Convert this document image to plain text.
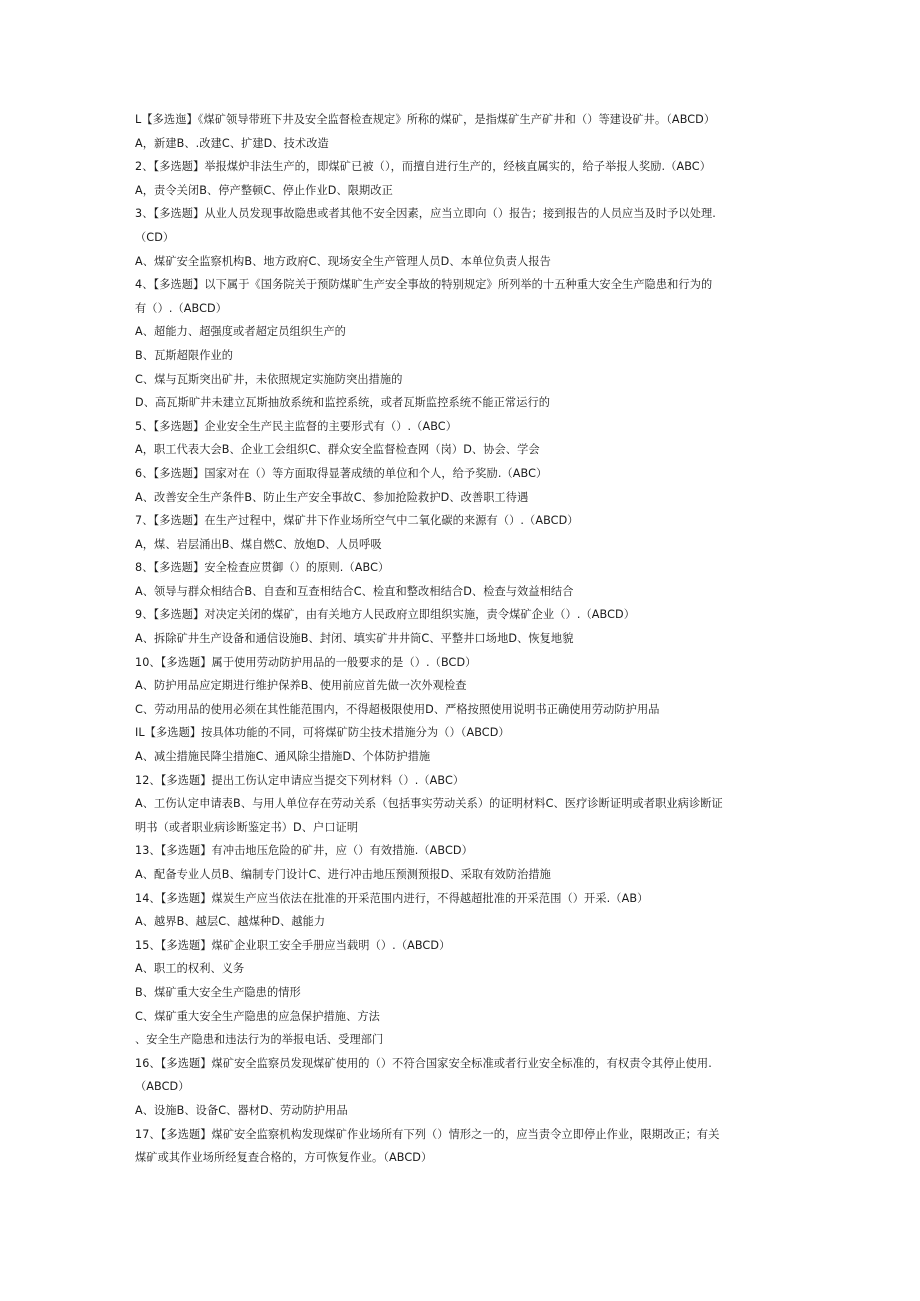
L【多选迤】《煤矿领导带班下井及安全监督检查规定》所称的煤矿，是指煤矿生产矿井和（）等建设矿井。（ABCD）
A，新建B、.改建C、扩建D、技术改造
2、【多选题】举报煤炉非法生产的，即煤矿已被（），而擅自进行生产的，经核直属实的，给子举报人奖励.（ABC）
A，责令关闭B、停产整顿C、停止作业D、限期改正
3、【多选题】从业人员发现事故隐患或者其他不安全因素，应当立即向（）报告；接到报告的人员应当及时予以处理.
（CD）
A、煤矿安全监察机构B、地方政府C、现场安全生产管理人员D、本单位负责人报告
4、【多选题】以下属于《国务院关于预防煤旷生产安全事故的特别规定》所列举的十五种重大安全生产隐患和行为的
有（）.（ABCD）
A、超能力、超强度或者超定员组织生产的
B、瓦斯超限作业的
C、煤与瓦斯突出矿井，未依照规定实施防突出措施的
D、高瓦斯旷井未建立瓦斯抽放系统和监控系统，或者瓦斯监控系统不能正常运行的
5、【多选题】企业安全生产民主监督的主要形式有（）.（ABC）
A，职工代表大会B、企业工会组织C、群众安全监督检查网（岗）D、协会、学会
6、【多选题】国家对在（）等方面取得显著成绩的单位和个人，给予奖励.（ABC）
A、改善安全生产条件B、防止生产安全事故C、参加抢险救护D、改善职工待遇
7、【多选题】在生产过程中，煤矿井下作业场所空气中二氧化碳的来源有（）.（ABCD）
A，煤、岩层涌出B、煤自燃C、放炮D、人员呼吸
8、【多选题】安全检查应贯御（）的原则.（ABC）
A、领导与群众相结合B、自查和互查相结合C、检直和整改相结合D、检查与效益相结合
9、【多选题】对决定关闭的煤矿，由有关地方人民政府立即组织实施，责令煤矿企业（）.（ABCD）
A、拆除矿井生产设备和通信设施B、封闭、填实矿井井筒C、平整井口场地D、恢复地貌
10、【多选题】属于使用劳动防护用品的一般要求的是（）.（BCD）
A、防护用品应定期进行维护保养B、使用前应首先做一次外观检查
C、劳动用品的使用必须在其性能范围内，不得超极限使用D、严格按照使用说明书正确使用劳动防护用品
IL【多选题】按具体功能的不同，可将煤矿防尘技术措施分为（）（ABCD）
A、减尘措施民降尘措施C、通风除尘措施D、个体防护措施
12、【多选题】提出工伤认定申请应当提交下列材料（）.（ABC）
A、工伤认定申请表B、与用人单位存在劳动关系（包括事实劳动关系）的证明材料C、医疗诊断证明或者职业病诊断证
明书（或者职业病诊断鉴定书）D、户口证明
13、【多选题】有冲击地压危险的矿井，应（）有效措施.（ABCD）
A、配备专业人员B、编制专门设计C、进行冲击地压预测预报D、采取有效防治措施
14、【多选题】煤炭生产应当依法在批准的开采范围内进行，不得越超批准的开采范围（）开采.（AB）
A、越界B、越层C、越煤种D、越能力
15、【多选题】煤矿企业职工安全手册应当载明（）.（ABCD）
A、职工的权利、义务
B、煤矿重大安全生产隐患的情形
C、煤矿重大安全生产隐患的应急保护措施、方法
、安全生产隐患和违法行为的举报电话、受理部门
16、【多选题】煤矿安全监察员发现煤矿使用的（）不符合国家安全标准或者行业安全标准的，有权责令其停止使用.
（ABCD）
A、设施B、设备C、器材D、劳动防护用品
17、【多选题】煤矿安全监察机构发现煤矿作业场所有下列（）情形之一的，应当责令立即停止作业，限期改正；有关
煤矿或其作业场所经复查合格的，方可恢复作业。（ABCD）
